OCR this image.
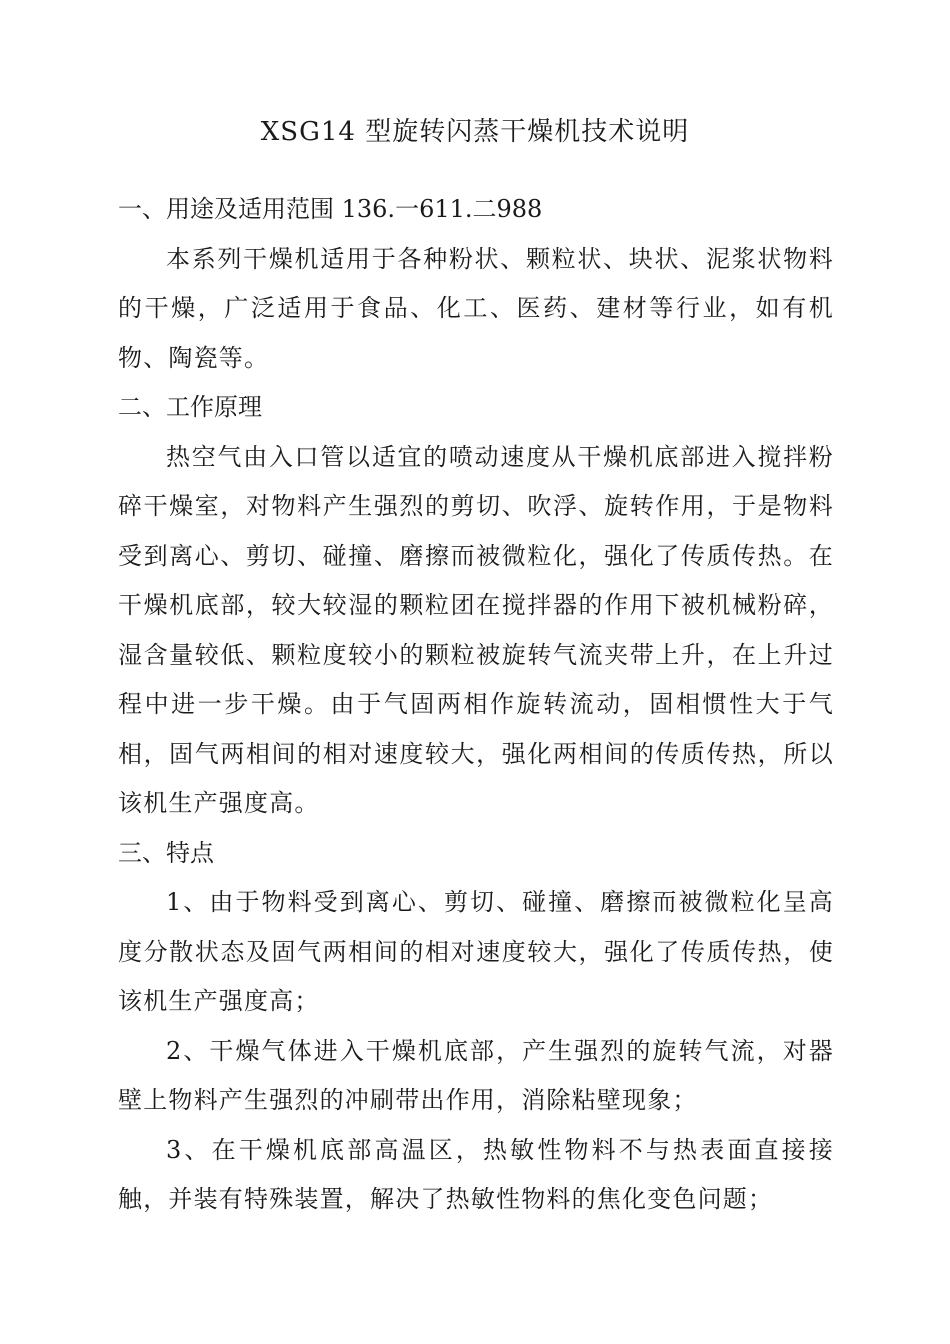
XSG14 型旋转闪蒸干燥机技术说明

一、用途及适用范围 136.一611.二988

本系列干燥机适用于各种粉状、颗粒状、块状、泥浆状物料的干燥，广泛适用于食品、化工、医药、建材等行业，如有机物、陶瓷等。

二、工作原理

热空气由入口管以适宜的喷动速度从干燥机底部进入搅拌粉碎干燥室，对物料产生强烈的剪切、吹浮、旋转作用，于是物料受到离心、剪切、碰撞、磨擦而被微粒化，强化了传质传热。在干燥机底部，较大较湿的颗粒团在搅拌器的作用下被机械粉碎，湿含量较低、颗粒度较小的颗粒被旋转气流夹带上升，在上升过程中进一步干燥。由于气固两相作旋转流动，固相惯性大于气相，固气两相间的相对速度较大，强化两相间的传质传热，所以该机生产强度高。

三、特点

1、由于物料受到离心、剪切、碰撞、磨擦而被微粒化呈高度分散状态及固气两相间的相对速度较大，强化了传质传热，使该机生产强度高；

2、干燥气体进入干燥机底部，产生强烈的旋转气流，对器壁上物料产生强烈的冲刷带出作用，消除粘壁现象；

3、在干燥机底部高温区，热敏性物料不与热表面直接接触，并装有特殊装置，解决了热敏性物料的焦化变色问题；
